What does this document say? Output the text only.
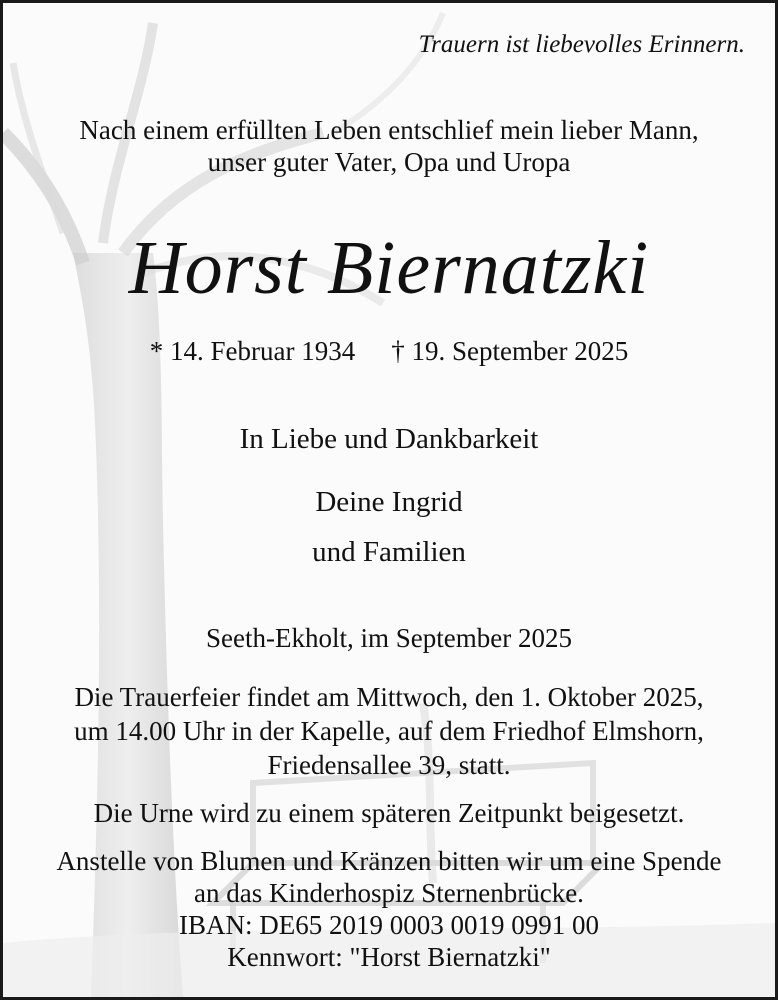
Trauern ist liebevolles Erinnern.
Nach einem erfüllten Leben entschlief mein lieber Mann,
unser guter Vater, Opa und Uropa
Horst Biernatzki
* 14. Februar 1934 † 19. September 2025
In Liebe und Dankbarkeit
Deine Ingrid
und Familien
Seeth-Ekholt, im September 2025
Die Trauerfeier findet am Mittwoch, den 1. Oktober 2025,
um 14.00 Uhr in der Kapelle, auf dem Friedhof Elmshorn,
Friedensallee 39, statt.
Die Urne wird zu einem späteren Zeitpunkt beigesetzt.
Anstelle von Blumen und Kränzen bitten wir um eine Spende
an das Kinderhospiz Sternenbrücke.
IBAN: DE65 2019 0003 0019 0991 00
Kennwort: "Horst Biernatzki"
